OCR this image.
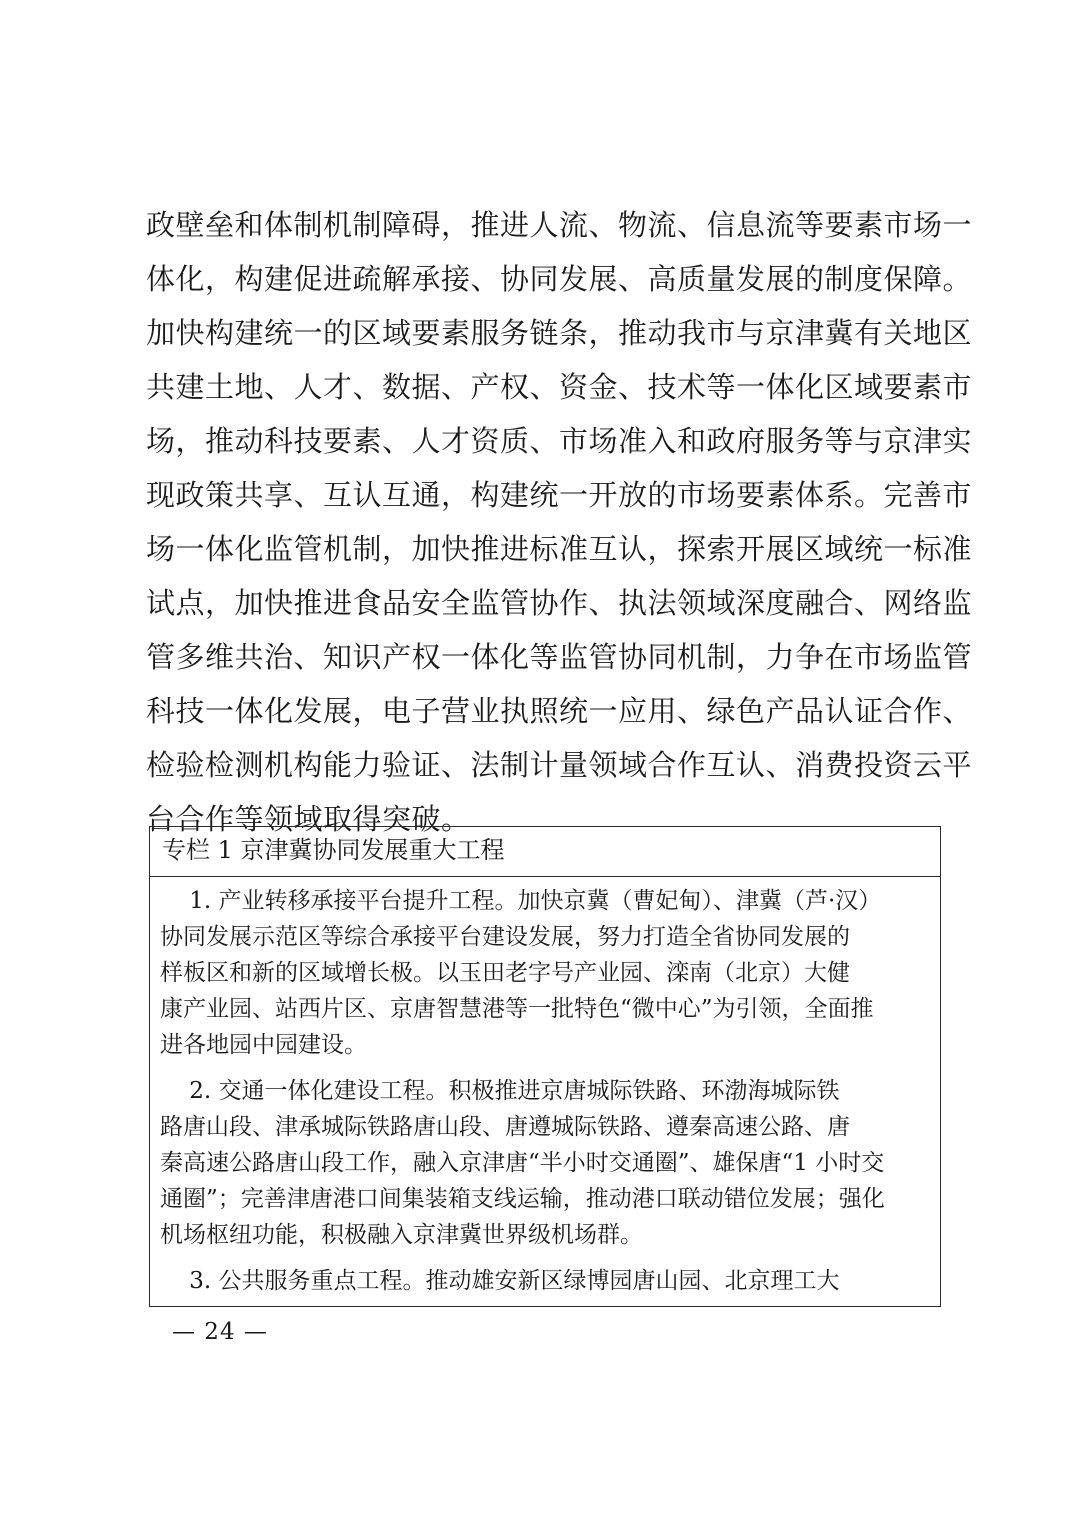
政壁垒和体制机制障碍，推进人流、物流、信息流等要素市场一
体化，构建促进疏解承接、协同发展、高质量发展的制度保障。
加快构建统一的区域要素服务链条，推动我市与京津冀有关地区
共建土地、人才、数据、产权、资金、技术等一体化区域要素市
场，推动科技要素、人才资质、市场准入和政府服务等与京津实
现政策共享、互认互通，构建统一开放的市场要素体系。完善市
场一体化监管机制，加快推进标准互认，探索开展区域统一标准
试点，加快推进食品安全监管协作、执法领域深度融合、网络监
管多维共治、知识产权一体化等监管协同机制，力争在市场监管
科技一体化发展，电子营业执照统一应用、绿色产品认证合作、
检验检测机构能力验证、法制计量领域合作互认、消费投资云平
台合作等领域取得突破。
专栏 1 京津冀协同发展重大工程
1. 产业转移承接平台提升工程。加快京冀（曹妃甸）、津冀（芦·汉）
协同发展示范区等综合承接平台建设发展，努力打造全省协同发展的
样板区和新的区域增长极。以玉田老字号产业园、滦南（北京）大健
康产业园、站西片区、京唐智慧港等一批特色“微中心”为引领，全面推
进各地园中园建设。
2. 交通一体化建设工程。积极推进京唐城际铁路、环渤海城际铁
路唐山段、津承城际铁路唐山段、唐遵城际铁路、遵秦高速公路、唐
秦高速公路唐山段工作，融入京津唐“半小时交通圈”、雄保唐“1 小时交
通圈”；完善津唐港口间集装箱支线运输，推动港口联动错位发展；强化
机场枢纽功能，积极融入京津冀世界级机场群。
3. 公共服务重点工程。推动雄安新区绿博园唐山园、北京理工大
— 24 —
